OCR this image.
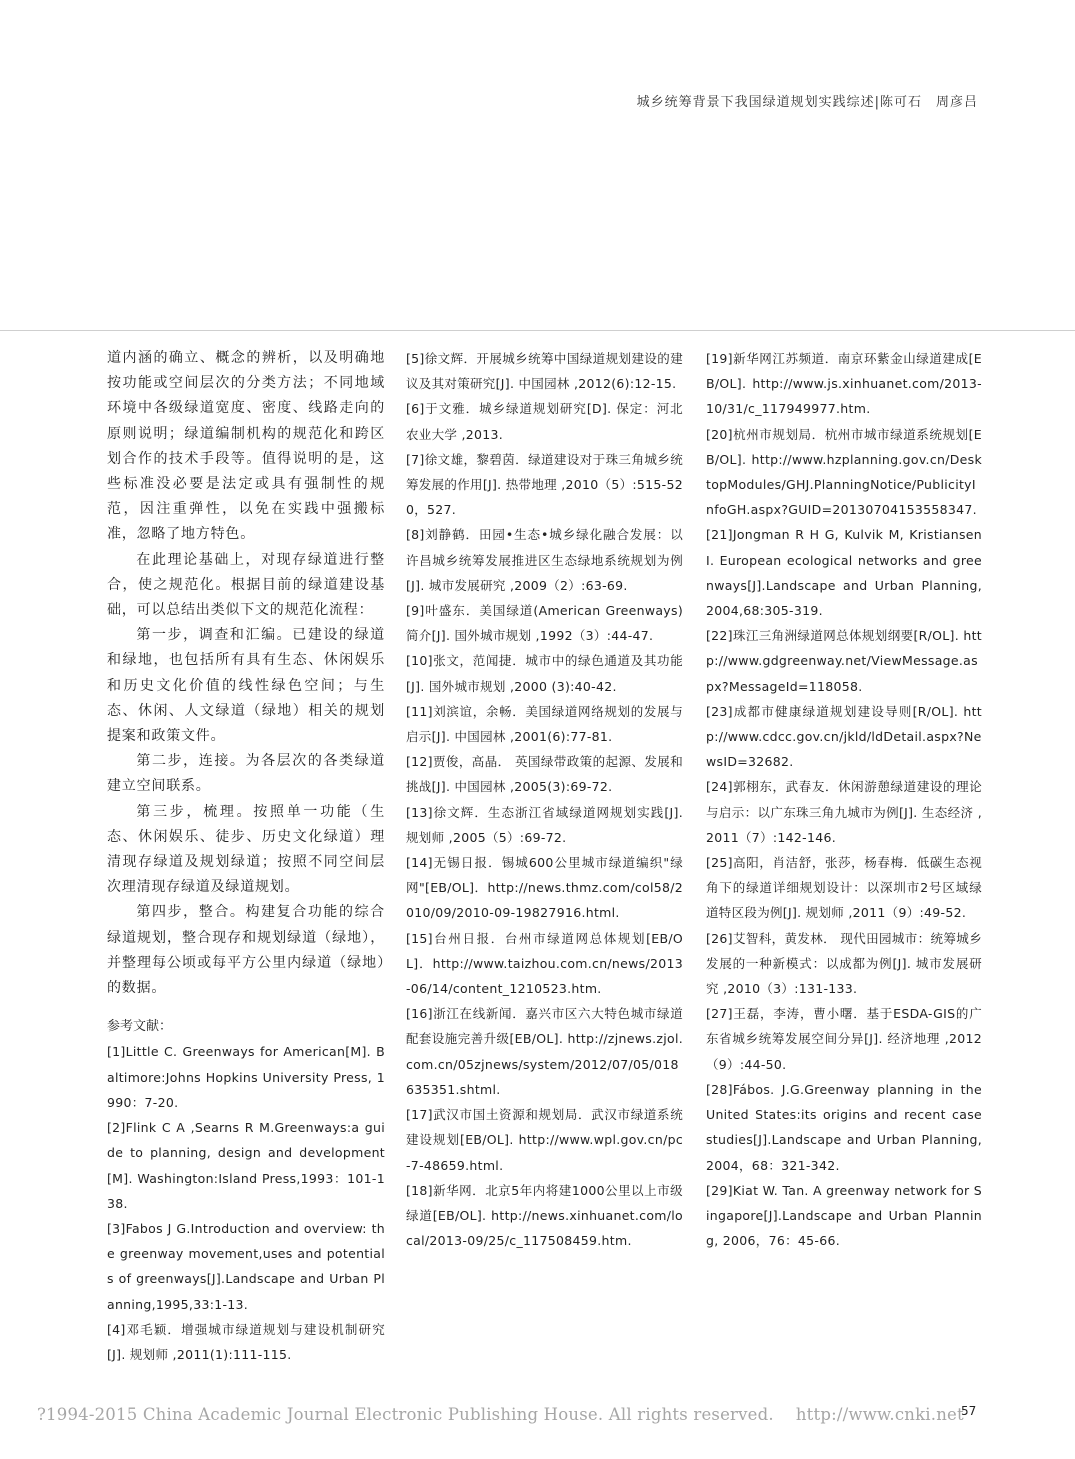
城乡统筹背景下我国绿道规划实践综述|陈可石　周彦吕

道内涵的确立、概念的辨析，以及明确地按功能或空间层次的分类方法；不同地域环境中各级绿道宽度、密度、线路走向的原则说明；绿道编制机构的规范化和跨区划合作的技术手段等。值得说明的是，这些标准没必要是法定或具有强制性的规范，因注重弹性，以免在实践中强搬标准，忽略了地方特色。

在此理论基础上，对现存绿道进行整合，使之规范化。根据目前的绿道建设基础，可以总结出类似下文的规范化流程：

第一步，调查和汇编。已建设的绿道和绿地，也包括所有具有生态、休闲娱乐和历史文化价值的线性绿色空间；与生态、休闲、人文绿道（绿地）相关的规划提案和政策文件。

第二步，连接。为各层次的各类绿道建立空间联系。

第三步，梳理。按照单一功能（生态、休闲娱乐、徒步、历史文化绿道）理清现存绿道及规划绿道；按照不同空间层次理清现存绿道及绿道规划。

第四步，整合。构建复合功能的综合绿道规划，整合现存和规划绿道（绿地），并整理每公顷或每平方公里内绿道（绿地）的数据。

参考文献：

[1]Little C. Greenways for American[M]. Baltimore:Johns Hopkins University Press, 1990：7-20.

[2]Flink C A ,Searns R M.Greenways:a guide to planning, design and development [M]. Washington:Island Press,1993：101-138.

[3]Fabos J G.Introduction and overview: the greenway movement,uses and potentials of greenways[J].Landscape and Urban Planning,1995,33:1-13.

[4]邓毛颖．增强城市绿道规划与建设机制研究[J]. 规划师 ,2011(1):111-115.

[5]徐文辉．开展城乡统筹中国绿道规划建设的建议及其对策研究[J]. 中国园林 ,2012(6):12-15.

[6]于文雅．城乡绿道规划研究[D]. 保定：河北农业大学 ,2013.

[7]徐文雄，黎碧茵．绿道建设对于珠三角城乡统筹发展的作用[J]. 热带地理 ,2010（5）:515-520，527.

[8]刘静鹤．田园•生态•城乡绿化融合发展：以许昌城乡统筹发展推进区生态绿地系统规划为例[J]. 城市发展研究 ,2009（2）:63-69.

[9]叶盛东．美国绿道(American Greenways)简介[J]. 国外城市规划 ,1992（3）:44-47.

[10]张文，范闻捷．城市中的绿色通道及其功能[J]. 国外城市规划 ,2000 (3):40-42.

[11]刘滨谊，余畅．美国绿道网络规划的发展与启示[J]. 中国园林 ,2001(6):77-81.

[12]贾俊，高晶． 英国绿带政策的起源、发展和挑战[J]. 中国园林 ,2005(3):69-72.

[13]徐文辉．生态浙江省域绿道网规划实践[J]. 规划师 ,2005（5）:69-72.

[14]无锡日报．锡城600公里城市绿道编织"绿网"[EB/OL]．http://news.thmz.com/col58/2010/09/2010-09-19827916.html.

[15]台州日报．台州市绿道网总体规划[EB/OL]．http://www.taizhou.com.cn/news/2013-06/14/content_1210523.htm.

[16]浙江在线新闻．嘉兴市区六大特色城市绿道配套设施完善升级[EB/OL]. http://zjnews.zjol.com.cn/05zjnews/system/2012/07/05/018635351.shtml.

[17]武汉市国土资源和规划局．武汉市绿道系统建设规划[EB/OL]. http://www.wpl.gov.cn/pc-7-48659.html.

[18]新华网．北京5年内将建1000公里以上市级绿道[EB/OL]. http://news.xinhuanet.com/local/2013-09/25/c_117508459.htm.

[19]新华网江苏频道．南京环紫金山绿道建成[EB/OL]. http://www.js.xinhuanet.com/2013-10/31/c_117949977.htm.

[20]杭州市规划局．杭州市城市绿道系统规划[EB/OL]. http://www.hzplanning.gov.cn/DesktopModules/GHJ.PlanningNotice/PublicityInfoGH.aspx?GUID=20130704153558347.

[21]Jongman R H G, Kulvik M, Kristiansen I. European ecological networks and greenways[J].Landscape and Urban Planning, 2004,68:305-319.

[22]珠江三角洲绿道网总体规划纲要[R/OL]. http://www.gdgreenway.net/ViewMessage.aspx?MessageId=118058.

[23]成都市健康绿道规划建设导则[R/OL]. http://www.cdcc.gov.cn/jkld/ldDetail.aspx?NewsID=32682.

[24]郭栩东，武春友．休闲游憩绿道建设的理论与启示：以广东珠三角九城市为例[J]. 生态经济 ,2011（7）:142-146.

[25]高阳，肖洁舒，张莎，杨春梅．低碳生态视角下的绿道详细规划设计：以深圳市2号区域绿道特区段为例[J]. 规划师 ,2011（9）:49-52.

[26]艾智科，黄发林． 现代田园城市：统筹城乡发展的一种新模式：以成都为例[J]. 城市发展研究 ,2010（3）:131-133.

[27]王磊，李涛，曹小曙．基于ESDA-GIS的广东省城乡统筹发展空间分异[J]. 经济地理 ,2012（9）:44-50.

[28]Fábos. J.G.Greenway planning in the United States:its origins and recent case studies[J].Landscape and Urban Planning, 2004，68：321-342.

[29]Kiat W. Tan. A greenway network for Singapore[J].Landscape and Urban Planning, 2006，76：45-66.

?1994-2015 China Academic Journal Electronic Publishing House. All rights reserved. http://www.cnki.net
57
